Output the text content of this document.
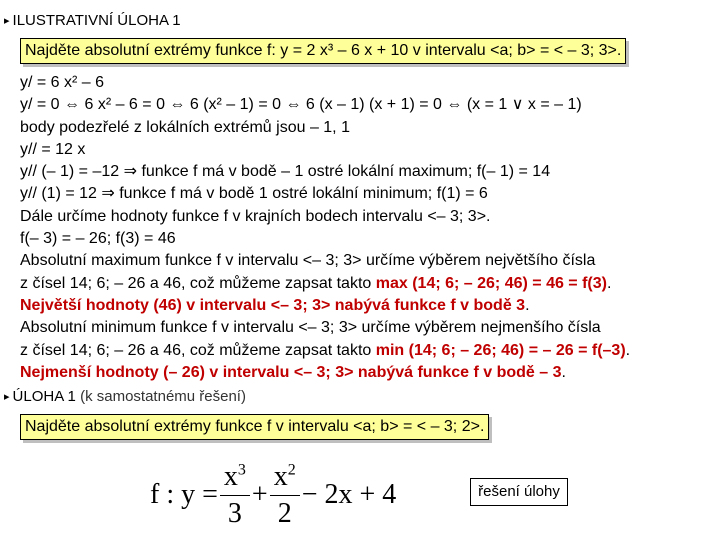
▸ ILUSTRATIVNÍ ÚLOHA 1
Najděte absolutní extrémy funkce f: y = 2 x³ – 6 x + 10 v intervalu <a; b> = < – 3; 3>.
y/ = 6 x² – 6
y/ = 0 ⇔ 6 x² – 6 = 0 ⇔ 6 (x² – 1) = 0 ⇔ 6 (x – 1) (x + 1) = 0 ⇔ (x = 1 ∨ x = – 1)
body podezřelé z lokálních extrémů jsou – 1, 1
y// = 12 x
y// (– 1) = –12 ⇒ funkce f má v bodě – 1 ostré lokální maximum; f(– 1) = 14
y// (1) = 12 ⇒ funkce f má v bodě 1 ostré lokální minimum; f(1) = 6
Dále určíme hodnoty funkce f v krajních bodech intervalu <– 3; 3>.
f(– 3) = – 26; f(3) = 46
Absolutní maximum funkce f v intervalu <– 3; 3> určíme výběrem největšího čísla
z čísel 14; 6; – 26 a 46, což můžeme zapsat takto max (14; 6; – 26; 46) = 46 = f(3).
Největší hodnoty (46) v intervalu <– 3; 3> nabývá funkce f v bodě 3.
Absolutní minimum funkce f v intervalu <– 3; 3> určíme výběrem nejmenšího čísla
z čísel 14; 6; – 26 a 46, což můžeme zapsat takto min (14; 6; – 26; 46) = – 26 = f(–3).
Nejmenší hodnoty (– 26) v intervalu <– 3; 3> nabývá funkce f v bodě – 3.
▸ ÚLOHA 1 (k samostatnému řešení)
Najděte absolutní extrémy funkce f v intervalu <a; b> = < – 3; 2>.
f : $y = \frac{x^3}{3} + \frac{x^2}{2} - 2x + 4$	řešení úlohy
